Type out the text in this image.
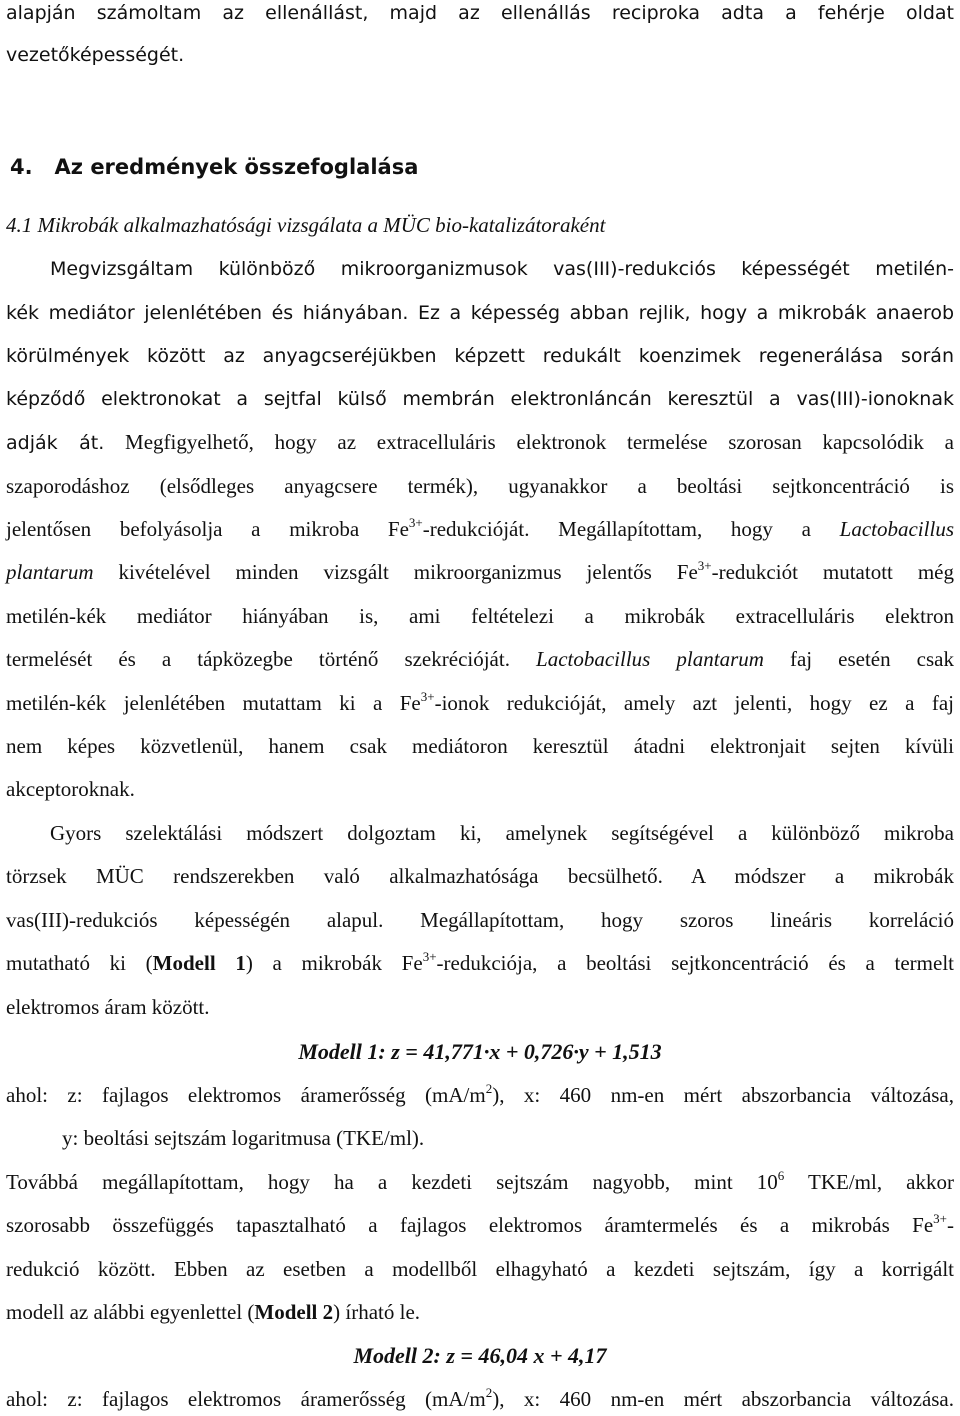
alapján számoltam az ellenállást, majd az ellenállás reciproka adta a fehérje oldat

vezetőképességét.

4. Az eredmények összefoglalása

4.1 Mikrobák alkalmazhatósági vizsgálata a MÜC bio-katalizátoraként

Megvizsgáltam különböző mikroorganizmusok vas(III)-redukciós képességét metilén-

kék mediátor jelenlétében és hiányában. Ez a képesség abban rejlik, hogy a mikrobák anaerob

körülmények között az anyagcseréjükben képzett redukált koenzimek regenerálása során

képződő elektronokat a sejtfal külső membrán elektronláncán keresztül a vas(III)-ionoknak

adják át. Megfigyelhető, hogy az extracelluláris elektronok termelése szorosan kapcsolódik a

szaporodáshoz (elsődleges anyagcsere termék), ugyanakkor a beoltási sejtkoncentráció is

jelentősen befolyásolja a mikroba $Fe^{3+}$-redukcióját. Megállapítottam, hogy a Lactobacillus

plantarum kivételével minden vizsgált mikroorganizmus jelentős $Fe^{3+}$-redukciót mutatott még

metilén-kék mediátor hiányában is, ami feltételezi a mikrobák extracelluláris elektron

termelését és a tápközegbe történő szekrécióját. Lactobacillus plantarum faj esetén csak

metilén-kék jelenlétében mutattam ki a $Fe^{3+}$-ionok redukcióját, amely azt jelenti, hogy ez a faj

nem képes közvetlenül, hanem csak mediátoron keresztül átadni elektronjait sejten kívüli

akceptoroknak.

Gyors szelektálási módszert dolgoztam ki, amelynek segítségével a különböző mikroba

törzsek MÜC rendszerekben való alkalmazhatósága becsülhető. A módszer a mikrobák

vas(III)-redukciós képességén alapul. Megállapítottam, hogy szoros lineáris korreláció

mutatható ki (Modell 1) a mikrobák $Fe^{3+}$-redukciója, a beoltási sejtkoncentráció és a termelt

elektromos áram között.

Modell 1: z = 41,771·x + 0,726·y + 1,513

ahol: z: fajlagos elektromos áramerősség $(mA/m^2)$, x: 460 nm-en mért abszorbancia változása,

y: beoltási sejtszám logaritmusa (TKE/ml).

Továbbá megállapítottam, hogy ha a kezdeti sejtszám nagyobb, mint $10^6$ TKE/ml, akkor

szorosabb összefüggés tapasztalható a fajlagos elektromos áramtermelés és a mikrobás $Fe^{3+}-$

redukció között. Ebben az esetben a modellből elhagyható a kezdeti sejtszám, így a korrigált

modell az alábbi egyenlettel (Modell 2) írható le.

Modell 2: z = 46,04 x + 4,17

ahol: z: fajlagos elektromos áramerősség $(mA/m^2)$, x: 460 nm-en mért abszorbancia változása.
